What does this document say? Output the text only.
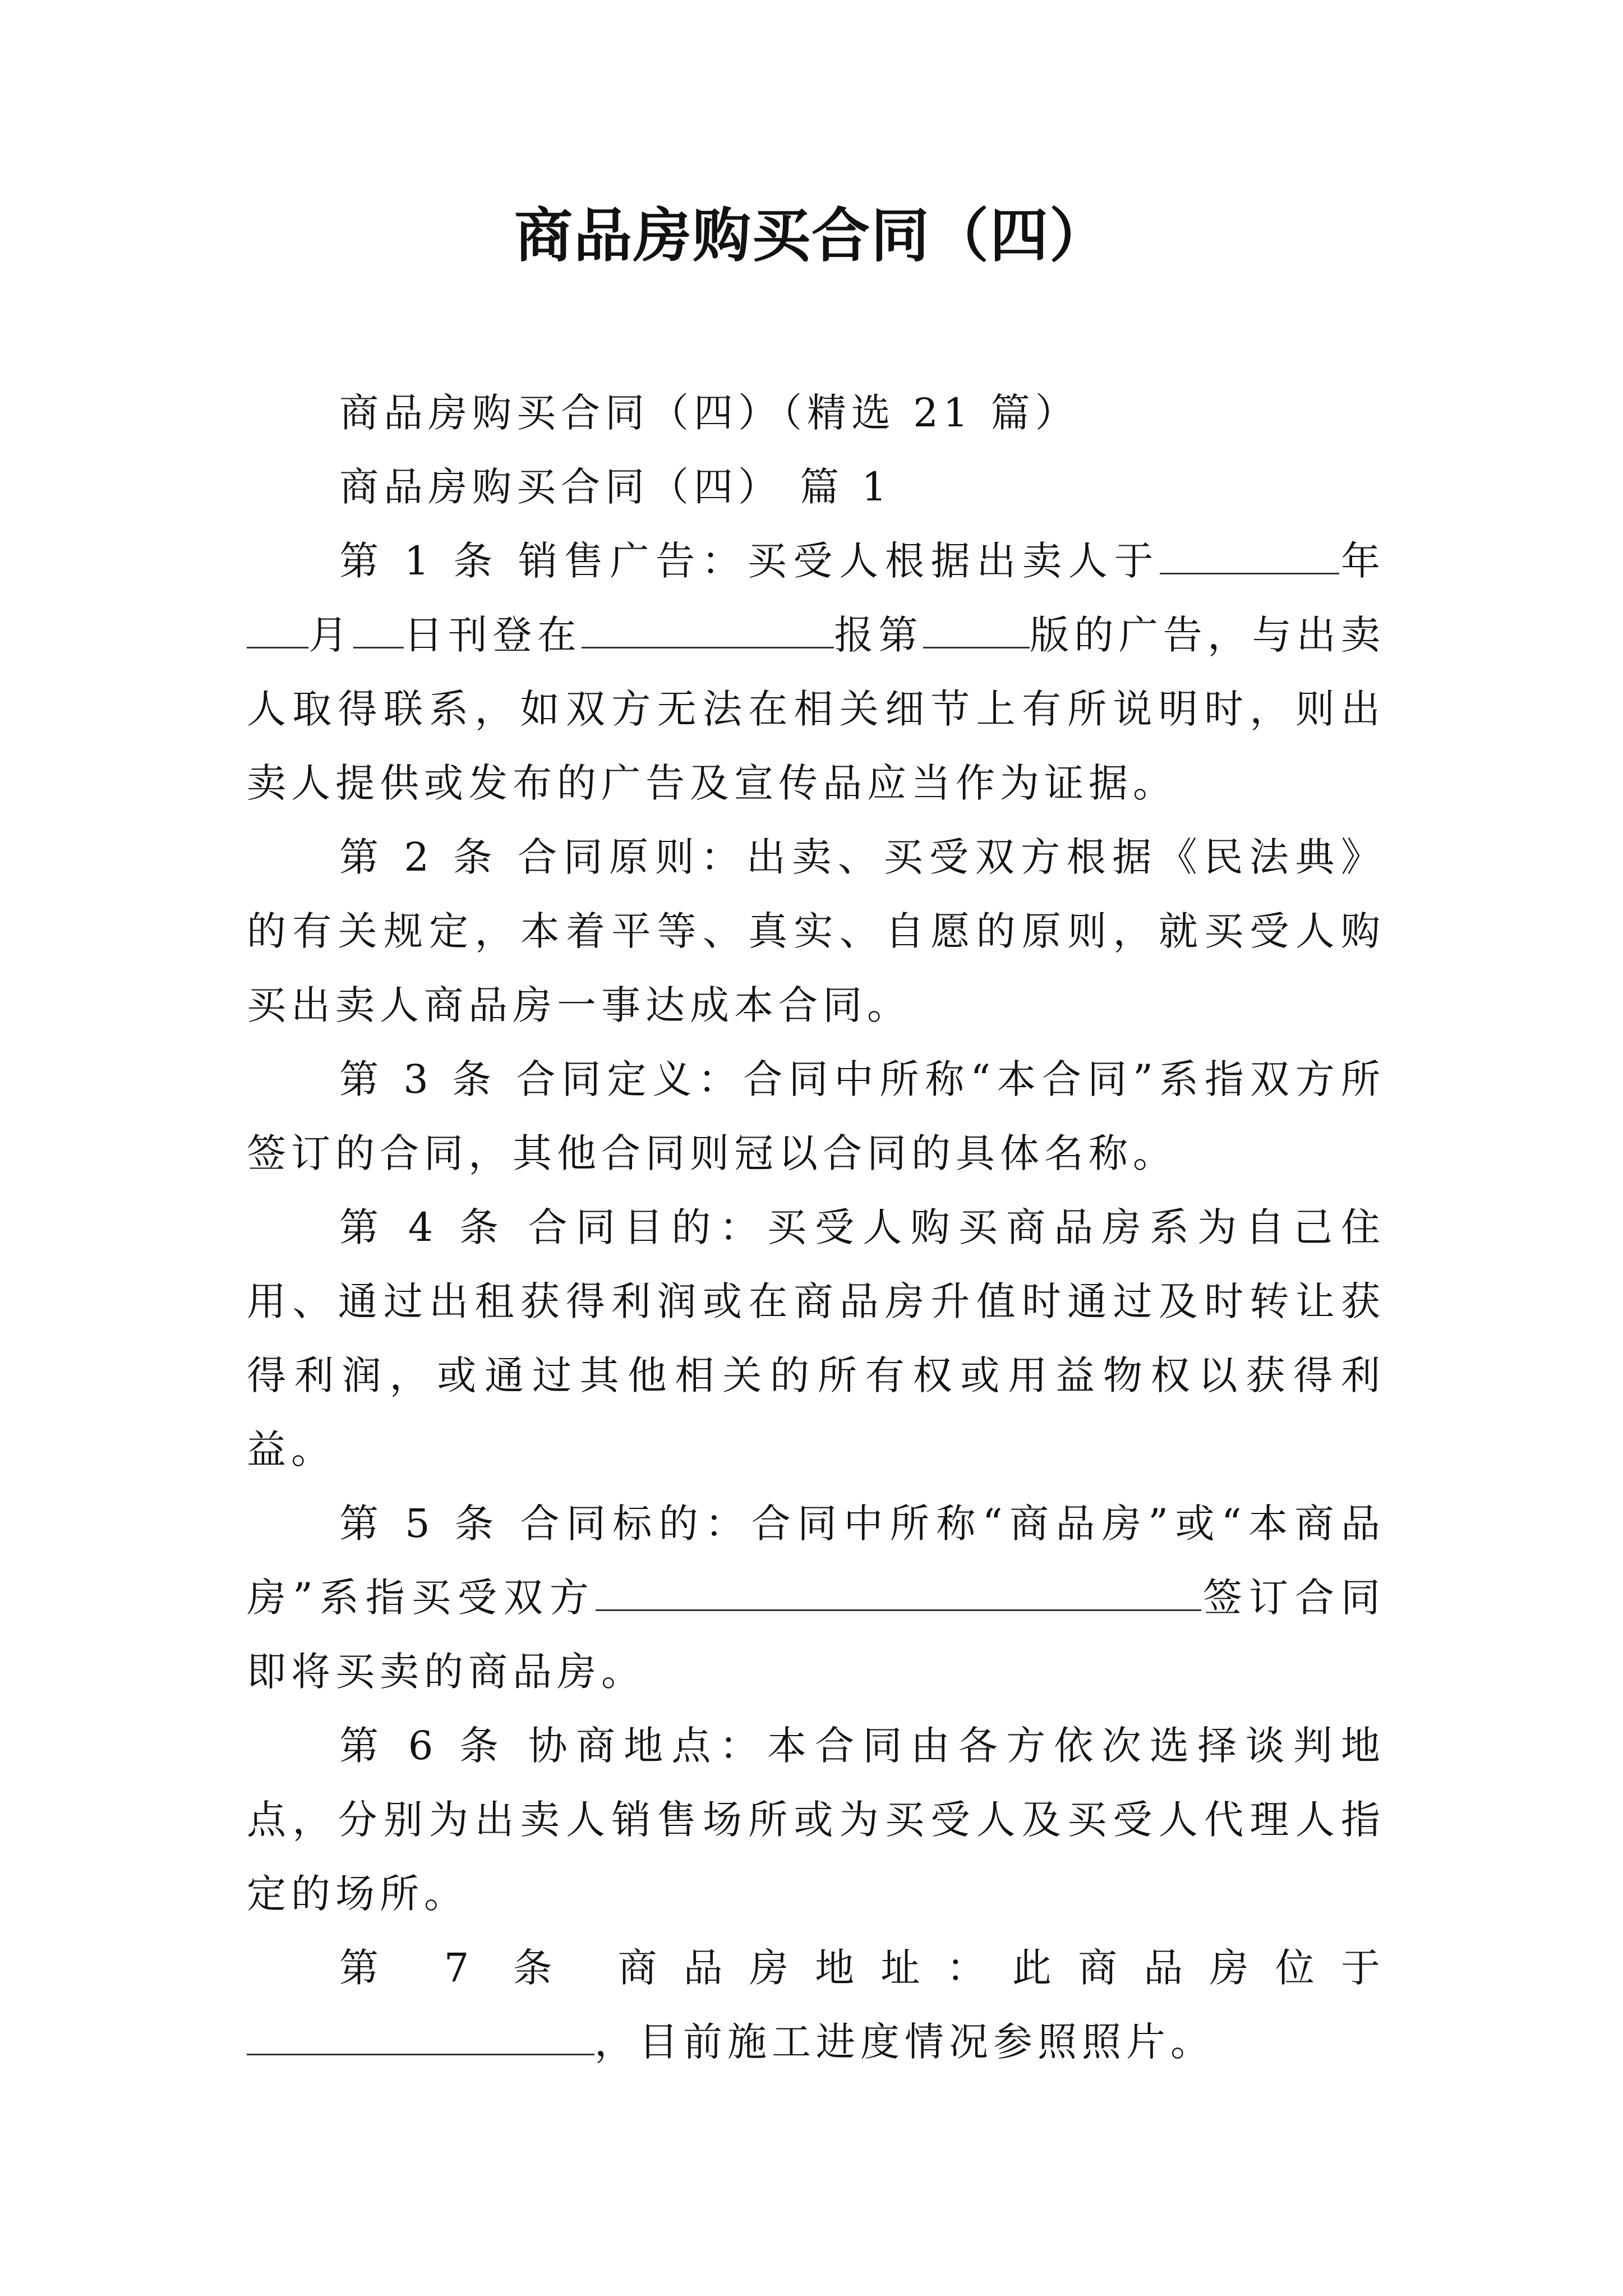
商品房购买合同（四）

商品房购买合同（四）（精选 21 篇）

商品房购买合同（四） 篇 1

第 1 条 销售广告：买受人根据出卖人于	年月 日刊登在	报第	版的广告，与出卖人取得联系，如双方无法在相关细节上有所说明时，则出卖人提供或发布的广告及宣传品应当作为证据。

第 2 条 合同原则：出卖、买受双方根据《民法典》的有关规定，本着平等、真实、自愿的原则，就买受人购买出卖人商品房一事达成本合同。

第 3 条 合同定义：合同中所称“本合同”系指双方所签订的合同，其他合同则冠以合同的具体名称。

第 4 条 合同目的：买受人购买商品房系为自己住用、通过出租获得利润或在商品房升值时通过及时转让获得利润，或通过其他相关的所有权或用益物权以获得利益。

第 5 条 合同标的：合同中所称“商品房”或“本商品房”系指买受双方	签订合同即将买卖的商品房。

第 6 条 协商地点：本合同由各方依次选择谈判地点，分别为出卖人销售场所或为买受人及买受人代理人指定的场所。

第 7 条 商品房地址：此商品房位于，目前施工进度情况参照照片。
